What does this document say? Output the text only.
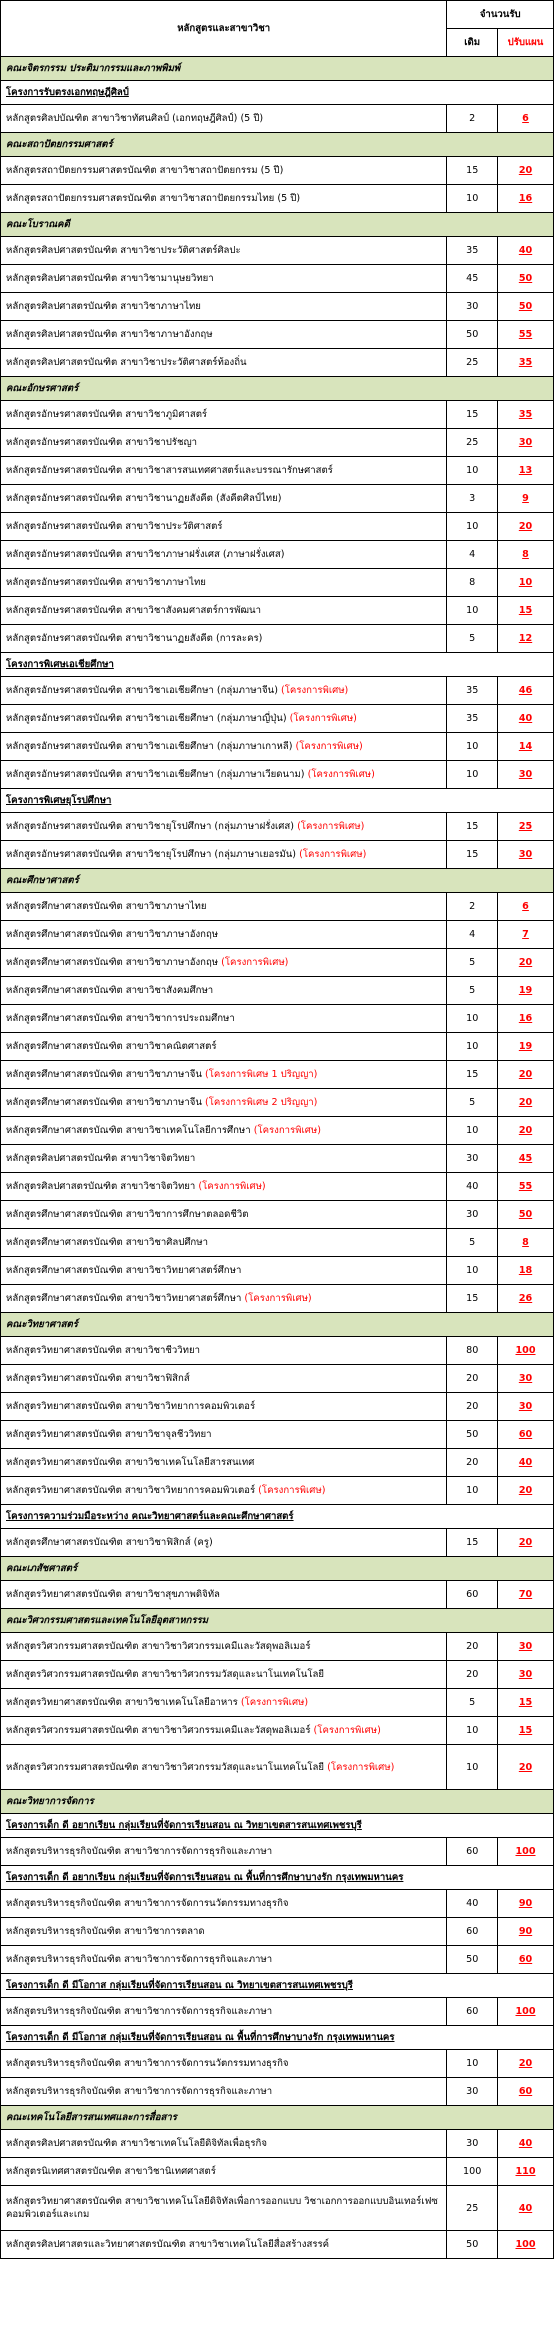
หลักสูตรและสาขาวิชา	จำนวนรับ	
	เดิม	ปรับแผน
คณะจิตรกรรม ประติมากรรมและภาพพิมพ์		
โครงการรับตรงเอกทฤษฎีศิลป์		
หลักสูตรศิลปบัณฑิต สาขาวิชาทัศนศิลป์ (เอกทฤษฎีศิลป์) (5 ปี)	2	6
คณะสถาปัตยกรรมศาสตร์		
หลักสูตรสถาปัตยกรรมศาสตรบัณฑิต สาขาวิชาสถาปัตยกรรม (5 ปี)	15	20
หลักสูตรสถาปัตยกรรมศาสตรบัณฑิต สาขาวิชาสถาปัตยกรรมไทย (5 ปี)	10	16
คณะโบราณคดี		
หลักสูตรศิลปศาสตรบัณฑิต สาขาวิชาประวัติศาสตร์ศิลปะ	35	40
หลักสูตรศิลปศาสตรบัณฑิต สาขาวิชามานุษยวิทยา	45	50
หลักสูตรศิลปศาสตรบัณฑิต สาขาวิชาภาษาไทย	30	50
หลักสูตรศิลปศาสตรบัณฑิต สาขาวิชาภาษาอังกฤษ	50	55
หลักสูตรศิลปศาสตรบัณฑิต สาขาวิชาประวัติศาสตร์ท้องถิ่น	25	35
คณะอักษรศาสตร์		
หลักสูตรอักษรศาสตรบัณฑิต สาขาวิชาภูมิศาสตร์	15	35
หลักสูตรอักษรศาสตรบัณฑิต สาขาวิชาปรัชญา	25	30
หลักสูตรอักษรศาสตรบัณฑิต สาขาวิชาสารสนเทศศาสตร์และบรรณารักษศาสตร์	10	13
หลักสูตรอักษรศาสตรบัณฑิต สาขาวิชานาฏยสังคีต (สังคีตศิลป์ไทย)	3	9
หลักสูตรอักษรศาสตรบัณฑิต สาขาวิชาประวัติศาสตร์	10	20
หลักสูตรอักษรศาสตรบัณฑิต สาขาวิชาภาษาฝรั่งเศส (ภาษาฝรั่งเศส)	4	8
หลักสูตรอักษรศาสตรบัณฑิต สาขาวิชาภาษาไทย	8	10
หลักสูตรอักษรศาสตรบัณฑิต สาขาวิชาสังคมศาสตร์การพัฒนา	10	15
หลักสูตรอักษรศาสตรบัณฑิต สาขาวิชานาฏยสังคีต (การละคร)	5	12
โครงการพิเศษเอเชียศึกษา		
หลักสูตรอักษรศาสตรบัณฑิต สาขาวิชาเอเชียศึกษา (กลุ่มภาษาจีน) (โครงการพิเศษ)	35	46
หลักสูตรอักษรศาสตรบัณฑิต สาขาวิชาเอเชียศึกษา (กลุ่มภาษาญี่ปุ่น) (โครงการพิเศษ)	35	40
หลักสูตรอักษรศาสตรบัณฑิต สาขาวิชาเอเชียศึกษา (กลุ่มภาษาเกาหลี) (โครงการพิเศษ)	10	14
หลักสูตรอักษรศาสตรบัณฑิต สาขาวิชาเอเชียศึกษา (กลุ่มภาษาเวียดนาม) (โครงการพิเศษ)	10	30
โครงการพิเศษยุโรปศึกษา		
หลักสูตรอักษรศาสตรบัณฑิต สาขาวิชายุโรปศึกษา (กลุ่มภาษาฝรั่งเศส) (โครงการพิเศษ)	15	25
หลักสูตรอักษรศาสตรบัณฑิต สาขาวิชายุโรปศึกษา (กลุ่มภาษาเยอรมัน) (โครงการพิเศษ)	15	30
คณะศึกษาศาสตร์		
หลักสูตรศึกษาศาสตรบัณฑิต สาขาวิชาภาษาไทย	2	6
หลักสูตรศึกษาศาสตรบัณฑิต สาขาวิชาภาษาอังกฤษ	4	7
หลักสูตรศึกษาศาสตรบัณฑิต สาขาวิชาภาษาอังกฤษ (โครงการพิเศษ)	5	20
หลักสูตรศึกษาศาสตรบัณฑิต สาขาวิชาสังคมศึกษา	5	19
หลักสูตรศึกษาศาสตรบัณฑิต สาขาวิชาการประถมศึกษา	10	16
หลักสูตรศึกษาศาสตรบัณฑิต สาขาวิชาคณิตศาสตร์	10	19
หลักสูตรศึกษาศาสตรบัณฑิต สาขาวิชาภาษาจีน (โครงการพิเศษ 1 ปริญญา)	15	20
หลักสูตรศึกษาศาสตรบัณฑิต สาขาวิชาภาษาจีน (โครงการพิเศษ 2 ปริญญา)	5	20
หลักสูตรศึกษาศาสตรบัณฑิต สาขาวิชาเทคโนโลยีการศึกษา (โครงการพิเศษ)	10	20
หลักสูตรศิลปศาสตรบัณฑิต สาขาวิชาจิตวิทยา	30	45
หลักสูตรศิลปศาสตรบัณฑิต สาขาวิชาจิตวิทยา (โครงการพิเศษ)	40	55
หลักสูตรศึกษาศาสตรบัณฑิต สาขาวิชาการศึกษาตลอดชีวิต	30	50
หลักสูตรศึกษาศาสตรบัณฑิต สาขาวิชาศิลปศึกษา	5	8
หลักสูตรศึกษาศาสตรบัณฑิต สาขาวิชาวิทยาศาสตร์ศึกษา	10	18
หลักสูตรศึกษาศาสตรบัณฑิต สาขาวิชาวิทยาศาสตร์ศึกษา (โครงการพิเศษ)	15	26
คณะวิทยาศาสตร์		
หลักสูตรวิทยาศาสตรบัณฑิต สาขาวิชาชีววิทยา	80	100
หลักสูตรวิทยาศาสตรบัณฑิต สาขาวิชาฟิสิกส์	20	30
หลักสูตรวิทยาศาสตรบัณฑิต สาขาวิชาวิทยาการคอมพิวเตอร์	20	30
หลักสูตรวิทยาศาสตรบัณฑิต สาขาวิชาจุลชีววิทยา	50	60
หลักสูตรวิทยาศาสตรบัณฑิต สาขาวิชาเทคโนโลยีสารสนเทศ	20	40
หลักสูตรวิทยาศาสตรบัณฑิต สาขาวิชาวิทยาการคอมพิวเตอร์ (โครงการพิเศษ)	10	20
โครงการความร่วมมือระหว่าง คณะวิทยาศาสตร์และคณะศึกษาศาสตร์		
หลักสูตรศึกษาศาสตรบัณฑิต สาขาวิชาฟิสิกส์ (ครู)	15	20
คณะเภสัชศาสตร์		
หลักสูตรวิทยาศาสตรบัณฑิต สาขาวิชาสุขภาพดิจิทัล	60	70
คณะวิศวกรรมศาสตรและเทคโนโลยีอุตสาหกรรม		
หลักสูตรวิศวกรรมศาสตรบัณฑิต สาขาวิชาวิศวกรรมเคมีและวัสดุพอลิเมอร์	20	30
หลักสูตรวิศวกรรมศาสตรบัณฑิต สาขาวิชาวิศวกรรมวัสดุและนาโนเทคโนโลยี	20	30
หลักสูตรวิทยาศาสตรบัณฑิต สาขาวิชาเทคโนโลยีอาหาร (โครงการพิเศษ)	5	15
หลักสูตรวิศวกรรมศาสตรบัณฑิต สาขาวิชาวิศวกรรมเคมีและวัสดุพอลิเมอร์ (โครงการพิเศษ)	10	15
หลักสูตรวิศวกรรมศาสตรบัณฑิต สาขาวิชาวิศวกรรมวัสดุและนาโนเทคโนโลยี (โครงการพิเศษ)	10	20
คณะวิทยาการจัดการ		
โครงการเด็ก ดี อยากเรียน กลุ่มเรียนที่จัดการเรียนสอน ณ วิทยาเขตสารสนเทศเพชรบุรี		
หลักสูตรบริหารธุรกิจบัณฑิต สาขาวิชาการจัดการธุรกิจและภาษา	60	100
โครงการเด็ก ดี อยากเรียน กลุ่มเรียนที่จัดการเรียนสอน ณ พื้นที่การศึกษาบางรัก กรุงเทพมหานคร		
หลักสูตรบริหารธุรกิจบัณฑิต สาขาวิชาการจัดการนวัตกรรมทางธุรกิจ	40	90
หลักสูตรบริหารธุรกิจบัณฑิต สาขาวิชาการตลาด	60	90
หลักสูตรบริหารธุรกิจบัณฑิต สาขาวิชาการจัดการธุรกิจและภาษา	50	60
โครงการเด็ก ดี มีโอกาส กลุ่มเรียนที่จัดการเรียนสอน ณ วิทยาเขตสารสนเทศเพชรบุรี		
หลักสูตรบริหารธุรกิจบัณฑิต สาขาวิชาการจัดการธุรกิจและภาษา	60	100
โครงการเด็ก ดี มีโอกาส กลุ่มเรียนที่จัดการเรียนสอน ณ พื้นที่การศึกษาบางรัก กรุงเทพมหานคร		
หลักสูตรบริหารธุรกิจบัณฑิต สาขาวิชาการจัดการนวัตกรรมทางธุรกิจ	10	20
หลักสูตรบริหารธุรกิจบัณฑิต สาขาวิชาการจัดการธุรกิจและภาษา	30	60
คณะเทคโนโลยีสารสนเทศและการสื่อสาร		
หลักสูตรศิลปศาสตรบัณฑิต สาขาวิชาเทคโนโลยีดิจิทัลเพื่อธุรกิจ	30	40
หลักสูตรนิเทศศาสตรบัณฑิต สาขาวิชานิเทศศาสตร์	100	110
หลักสูตรวิทยาศาสตรบัณฑิต สาขาวิชาเทคโนโลยีดิจิทัลเพื่อการออกแบบ วิชาเอกการออกแบบอินเทอร์เฟซคอมพิวเตอร์และเกม	25	40
หลักสูตรศิลปศาสตรและวิทยาศาสตรบัณฑิต สาขาวิชาเทคโนโลยีสื่อสร้างสรรค์	50	100
